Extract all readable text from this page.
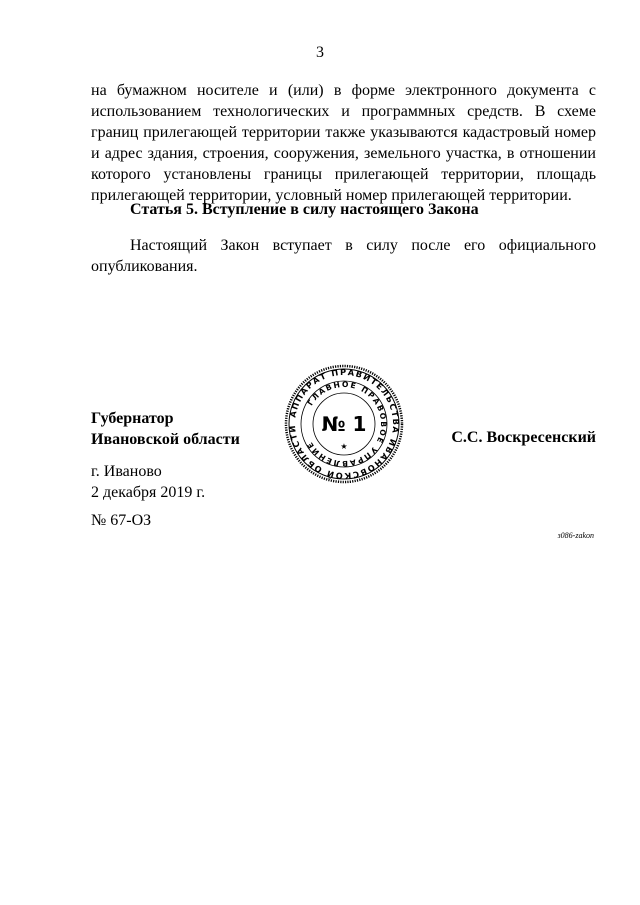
3
на бумажном носителе и (или) в форме электронного документа с использованием технологических и программных средств. В схеме границ прилегающей территории также указываются кадастровый номер и адрес здания, строения, сооружения, земельного участка, в отношении которого установлены границы прилегающей территории, площадь прилегающей территории, условный номер прилегающей территории.
Статья 5. Вступление в силу настоящего Закона
Настоящий Закон вступает в силу после его официального опубликования.
Губернатор
Ивановской области	С.С. Воскресенский
АППАРАТ ПРАВИТЕЛЬСТВА ИВАНОВСКОЙ ОБЛАСТИ
ГЛАВНОЕ ПРАВОВОЕ УПРАВЛЕНИЕ
№ 1
★
г. Иваново
2 декабря 2019 г.
№ 67-ОЗ
з086-zakon
